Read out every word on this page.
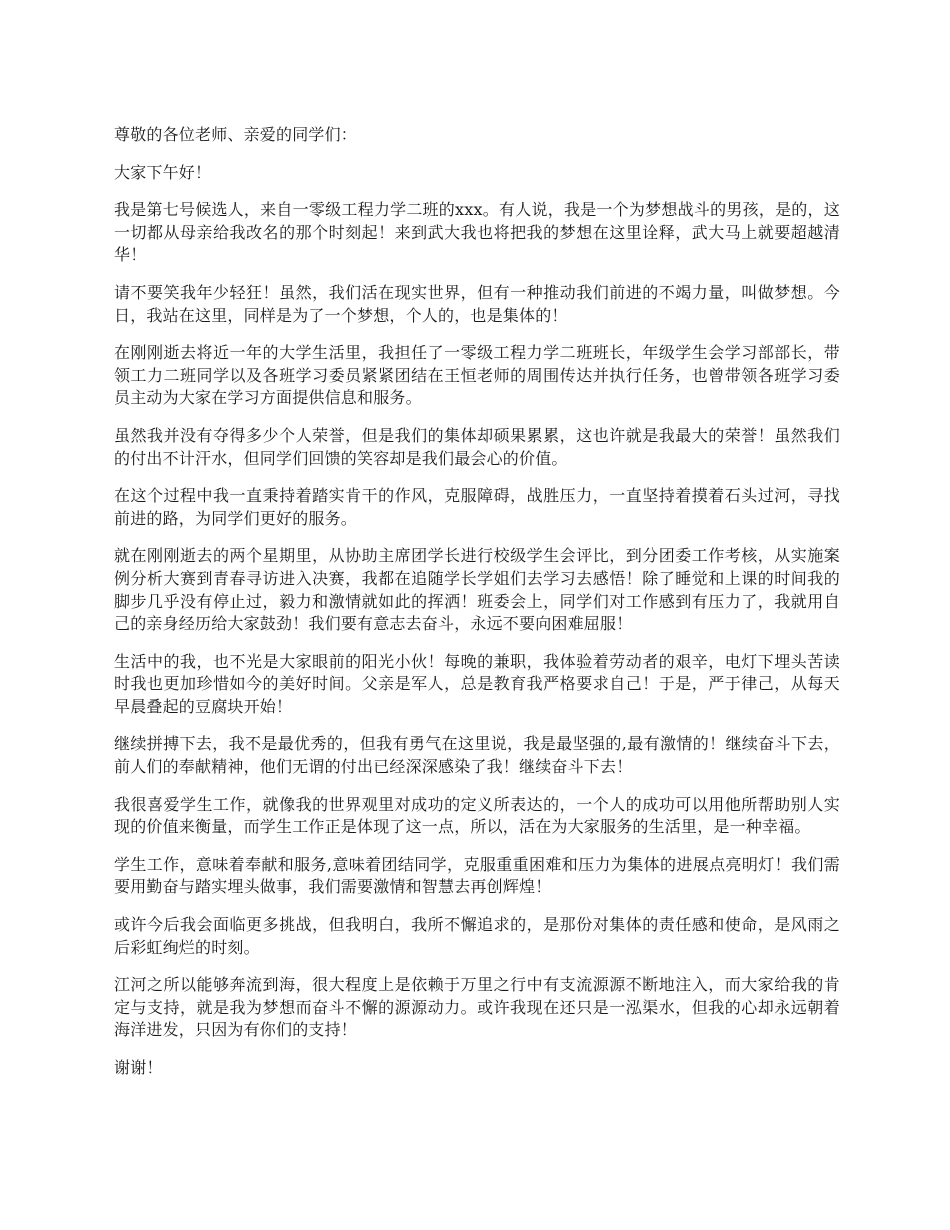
尊敬的各位老师、亲爱的同学们：

大家下午好！

我是第七号候选人，来自一零级工程力学二班的xxx。有人说，我是一个为梦想战斗的男孩，是的，这一切都从母亲给我改名的那个时刻起！来到武大我也将把我的梦想在这里诠释，武大马上就要超越清华！

请不要笑我年少轻狂！虽然，我们活在现实世界，但有一种推动我们前进的不竭力量，叫做梦想。今日，我站在这里，同样是为了一个梦想，个人的，也是集体的！

在刚刚逝去将近一年的大学生活里，我担任了一零级工程力学二班班长，年级学生会学习部部长，带领工力二班同学以及各班学习委员紧紧团结在王恒老师的周围传达并执行任务，也曾带领各班学习委员主动为大家在学习方面提供信息和服务。

虽然我并没有夺得多少个人荣誉，但是我们的集体却硕果累累，这也许就是我最大的荣誉！虽然我们的付出不计汗水，但同学们回馈的笑容却是我们最会心的价值。

在这个过程中我一直秉持着踏实肯干的作风，克服障碍，战胜压力，一直坚持着摸着石头过河，寻找前进的路，为同学们更好的服务。

就在刚刚逝去的两个星期里，从协助主席团学长进行校级学生会评比，到分团委工作考核，从实施案例分析大赛到青春寻访进入决赛，我都在追随学长学姐们去学习去感悟！除了睡觉和上课的时间我的脚步几乎没有停止过，毅力和激情就如此的挥洒！班委会上，同学们对工作感到有压力了，我就用自己的亲身经历给大家鼓劲！我们要有意志去奋斗，永远不要向困难屈服！

生活中的我，也不光是大家眼前的阳光小伙！每晚的兼职，我体验着劳动者的艰辛，电灯下埋头苦读时我也更加珍惜如今的美好时间。父亲是军人，总是教育我严格要求自己！于是，严于律己，从每天早晨叠起的豆腐块开始！

继续拼搏下去，我不是最优秀的，但我有勇气在这里说，我是最坚强的,最有激情的！继续奋斗下去，前人们的奉献精神，他们无谓的付出已经深深感染了我！继续奋斗下去！

我很喜爱学生工作，就像我的世界观里对成功的定义所表达的，一个人的成功可以用他所帮助别人实现的价值来衡量，而学生工作正是体现了这一点，所以，活在为大家服务的生活里，是一种幸福。

学生工作，意味着奉献和服务,意味着团结同学，克服重重困难和压力为集体的进展点亮明灯！我们需要用勤奋与踏实埋头做事，我们需要激情和智慧去再创辉煌！

或许今后我会面临更多挑战，但我明白，我所不懈追求的，是那份对集体的责任感和使命，是风雨之后彩虹绚烂的时刻。

江河之所以能够奔流到海，很大程度上是依赖于万里之行中有支流源源不断地注入，而大家给我的肯定与支持，就是我为梦想而奋斗不懈的源源动力。或许我现在还只是一泓渠水，但我的心却永远朝着海洋进发，只因为有你们的支持！

谢谢！
